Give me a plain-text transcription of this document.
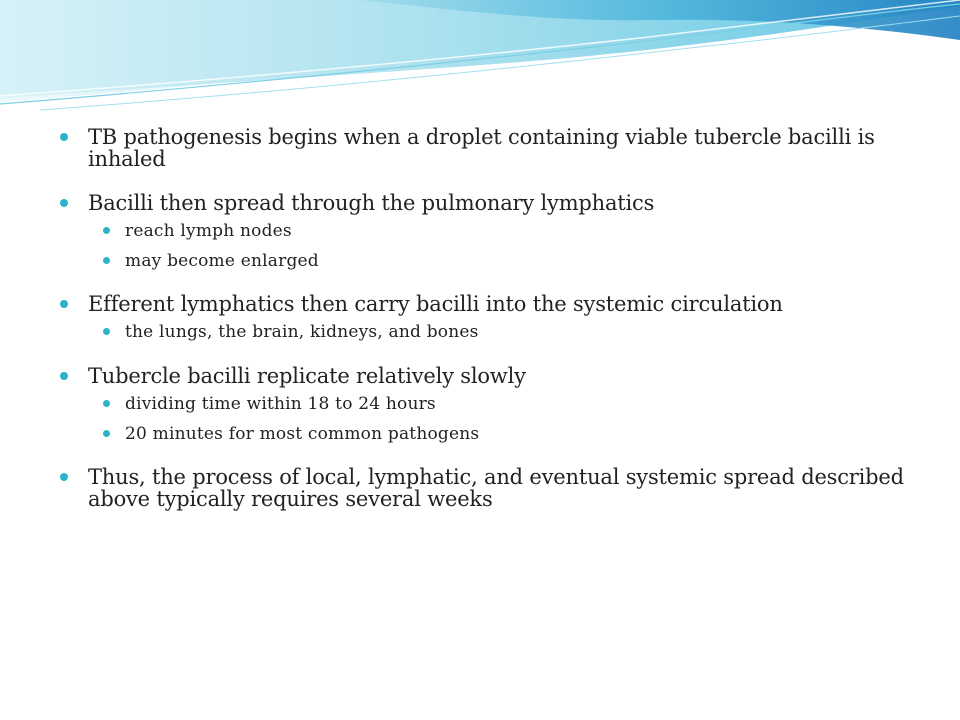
TB pathogenesis begins when a droplet containing viable tubercle bacilli is inhaled
Bacilli then spread through the pulmonary lymphatics
reach lymph nodes
may become enlarged
Efferent lymphatics then carry bacilli into the systemic circulation
the lungs, the brain, kidneys, and bones
Tubercle bacilli replicate relatively slowly
dividing time within 18 to 24 hours
20 minutes for most common pathogens
Thus, the process of local, lymphatic, and eventual systemic spread described above typically requires several weeks
